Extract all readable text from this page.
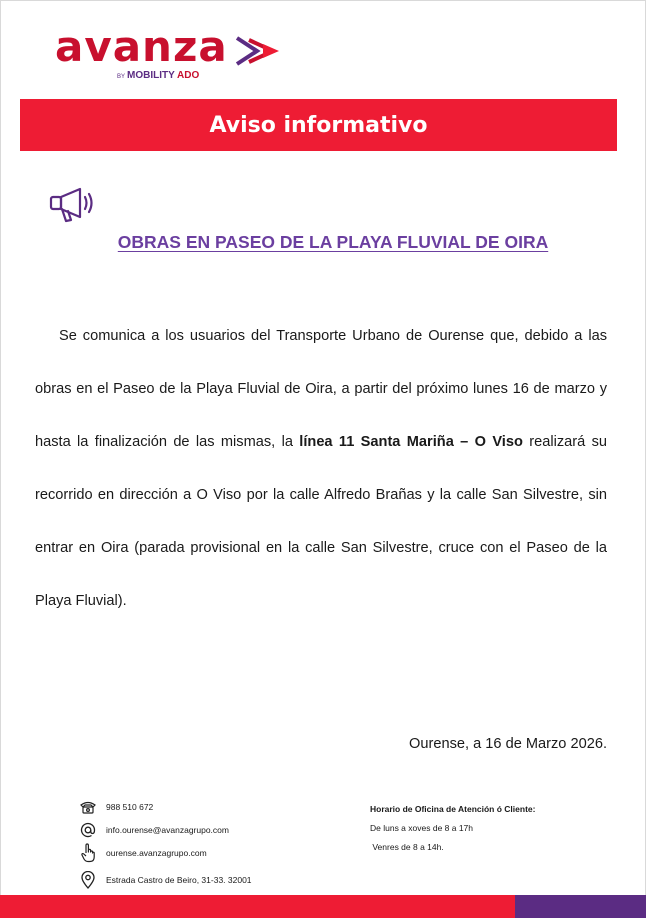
avanza
BY MOBILITY ADO
Aviso informativo
OBRAS EN PASEO DE LA PLAYA FLUVIAL DE OIRA

Se comunica a los usuarios del Transporte Urbano de Ourense que, debido a las obras en el Paseo de la Playa Fluvial de Oira, a partir del próximo lunes 16 de marzo y hasta la finalización de las mismas, la línea 11 Santa Mariña – O Viso realizará su recorrido en dirección a O Viso por la calle Alfredo Brañas y la calle San Silvestre, sin entrar en Oira (parada provisional en la calle San Silvestre, cruce con el Paseo de la Playa Fluvial).

Ourense, a 16 de Marzo 2026.
988 510 672
info.ourense@avanzagrupo.com
ourense.avanzagrupo.com
Estrada Castro de Beiro, 31-33. 32001
Horario de Oficina de Atención ó Cliente:
De luns a xoves de 8 a 17h
Venres de 8 a 14h.
